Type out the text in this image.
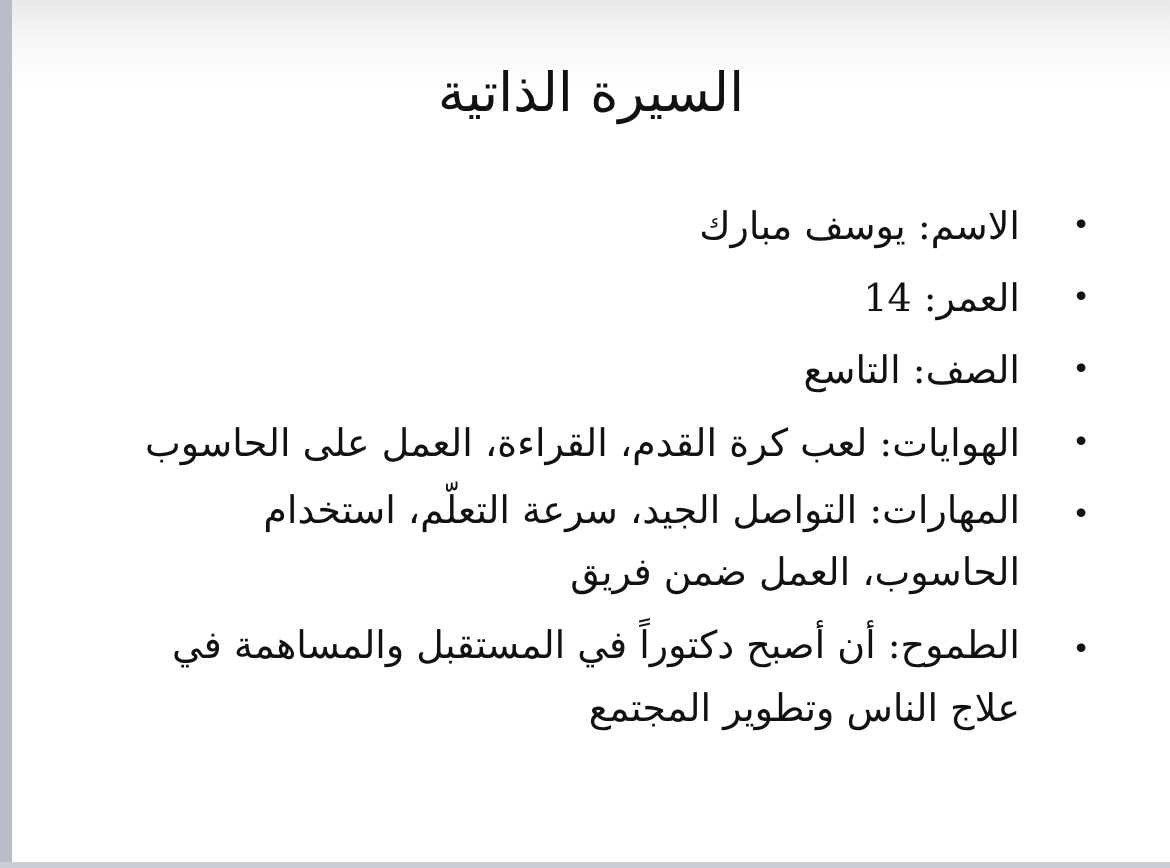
السيرة الذاتية
•
الاسم: يوسف مبارك
•
العمر: 14
•
الصف: التاسع
•
الهوايات: لعب كرة القدم، القراءة، العمل على الحاسوب
•
المهارات: التواصل الجيد، سرعة التعلّم، استخدام الحاسوب، العمل ضمن فريق
•
الطموح: أن أصبح دكتوراً في المستقبل والمساهمة في علاج الناس وتطوير المجتمع
